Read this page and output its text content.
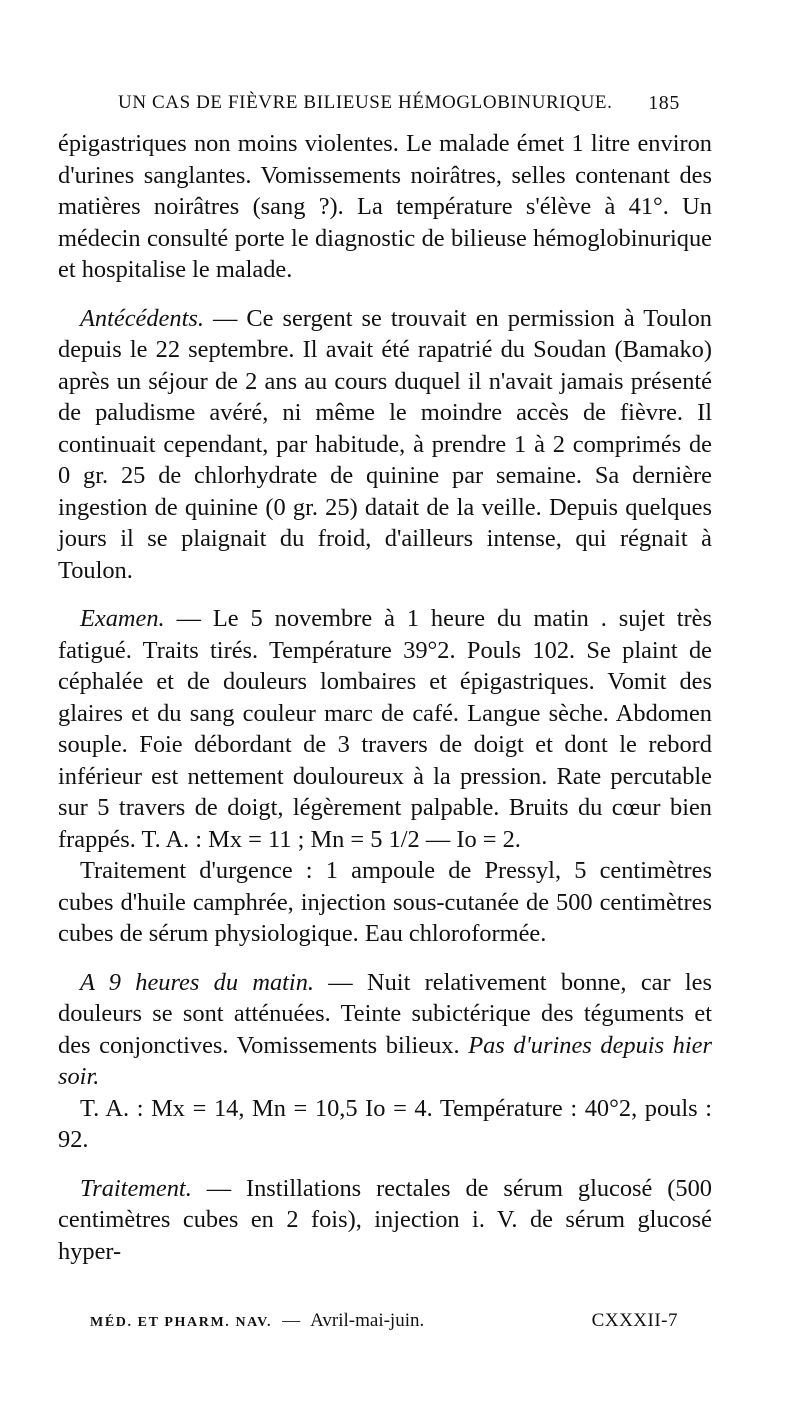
UN CAS DE FIÈVRE BILIEUSE HÉMOGLOBINURIQUE. 185

épigastriques non moins violentes. Le malade émet 1 litre environ d'urines sanglantes. Vomissements noirâtres, selles contenant des matières noirâtres (sang ?). La température s'élève à 41°. Un médecin consulté porte le diagnostic de bilieuse hémoglobinurique et hospitalise le malade.

Antécédents. — Ce sergent se trouvait en permission à Toulon depuis le 22 septembre. Il avait été rapatrié du Soudan (Bamako) après un séjour de 2 ans au cours duquel il n'avait jamais présenté de paludisme avéré, ni même le moindre accès de fièvre. Il continuait cependant, par habitude, à prendre 1 à 2 comprimés de 0 gr. 25 de chlorhydrate de quinine par semaine. Sa dernière ingestion de quinine (0 gr. 25) datait de la veille. Depuis quelques jours il se plaignait du froid, d'ailleurs intense, qui régnait à Toulon.

Examen. — Le 5 novembre à 1 heure du matin . sujet très fatigué. Traits tirés. Température 39°2. Pouls 102. Se plaint de céphalée et de douleurs lombaires et épigastriques. Vomit des glaires et du sang couleur marc de café. Langue sèche. Abdomen souple. Foie débordant de 3 travers de doigt et dont le rebord inférieur est nettement douloureux à la pression. Rate percutable sur 5 travers de doigt, légèrement palpable. Bruits du cœur bien frappés. T. A. : Mx = 11 ; Mn = 5 1/2 — Io = 2.

Traitement d'urgence : 1 ampoule de Pressyl, 5 centimètres cubes d'huile camphrée, injection sous-cutanée de 500 centimètres cubes de sérum physiologique. Eau chloroformée.

A 9 heures du matin. — Nuit relativement bonne, car les douleurs se sont atténuées. Teinte subictérique des téguments et des conjonctives. Vomissements bilieux. Pas d'urines depuis hier soir.

T. A. : Mx = 14, Mn = 10,5 Io = 4. Température : 40°2, pouls : 92.

Traitement. — Instillations rectales de sérum glucosé (500 centimètres cubes en 2 fois), injection i. V. de sérum glucosé hyper-

MÉD. ET PHARM. NAV. — Avril-mai-juin.	CXXXII-7
